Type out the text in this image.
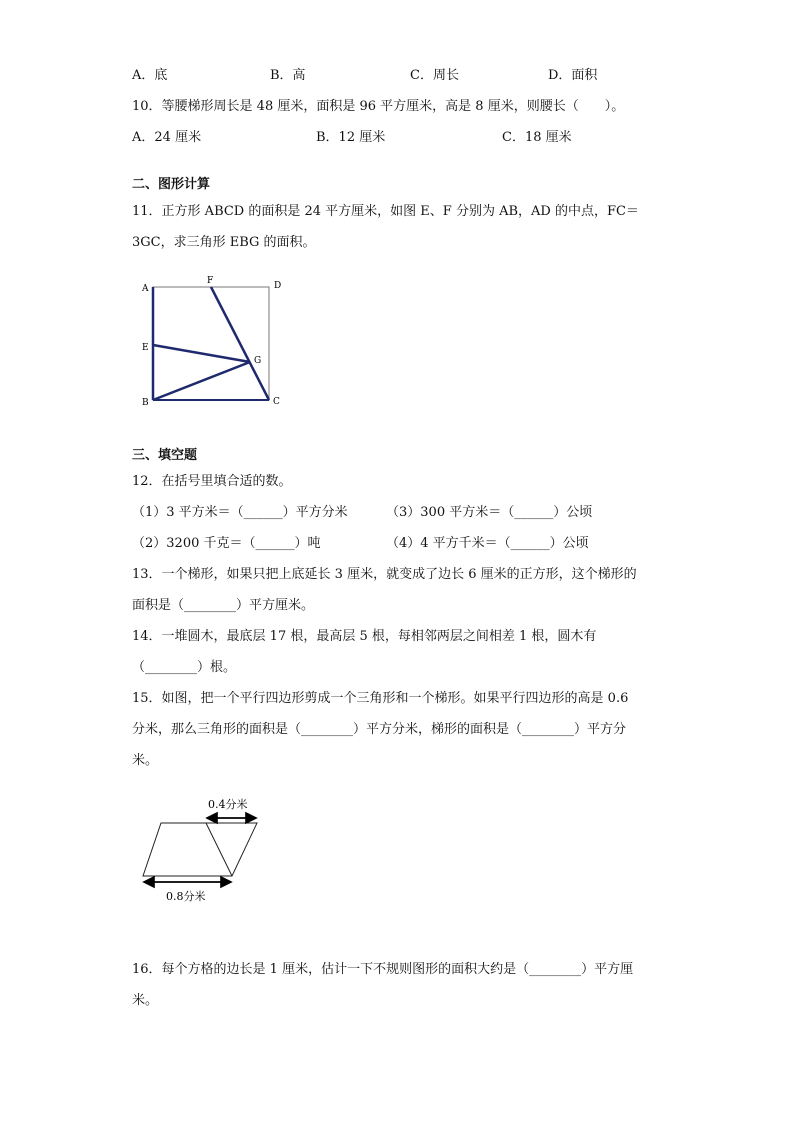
A．底	B．高	C．周长	D．面积
10．等腰梯形周长是 48 厘米，面积是 96 平方厘米，高是 8 厘米，则腰长（　　）。
A．24 厘米	B．12 厘米	C．18 厘米
二、图形计算
11．正方形 ABCD 的面积是 24 平方厘米，如图 E、F 分别为 AB，AD 的中点，FC＝
3GC，求三角形 EBG 的面积。
A
B	C
D
E
F
G
三、填空题
12．在括号里填合适的数。
（1）3 平方米＝（______）平方分米	（3）300 平方米＝（______）公顷
（2）3200 千克＝（______）吨	（4）4 平方千米＝（______）公顷
13．一个梯形，如果只把上底延长 3 厘米，就变成了边长 6 厘米的正方形，这个梯形的
面积是（________）平方厘米。
14．一堆圆木，最底层 17 根，最高层 5 根，每相邻两层之间相差 1 根，圆木有
（________）根。
15．如图，把一个平行四边形剪成一个三角形和一个梯形。如果平行四边形的高是 0.6
分米，那么三角形的面积是（________）平方分米，梯形的面积是（________）平方分
米。
0.4分米
0.8分米
16．每个方格的边长是 1 厘米，估计一下不规则图形的面积大约是（________）平方厘
米。
